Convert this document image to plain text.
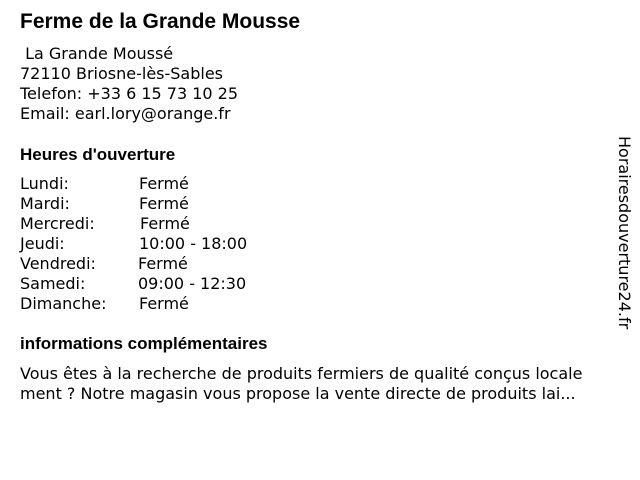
Ferme de la Grande Mousse
La Grande Moussé
72110 Briosne-lès-Sables
Telefon: +33 6 15 73 10 25
Email: earl.lory@orange.fr
Heures d'ouverture
Lundi:	Fermé
Mardi:	Fermé
Mercredi:	Fermé
Jeudi:	10:00 - 18:00
Vendredi:	Fermé
Samedi:	09:00 - 12:30
Dimanche: Fermé
informations complémentaires
Vous êtes à la recherche de produits fermiers de qualité conçus locale
ment ? Notre magasin vous propose la vente directe de produits lai...
Horairesdouverture24.fr
